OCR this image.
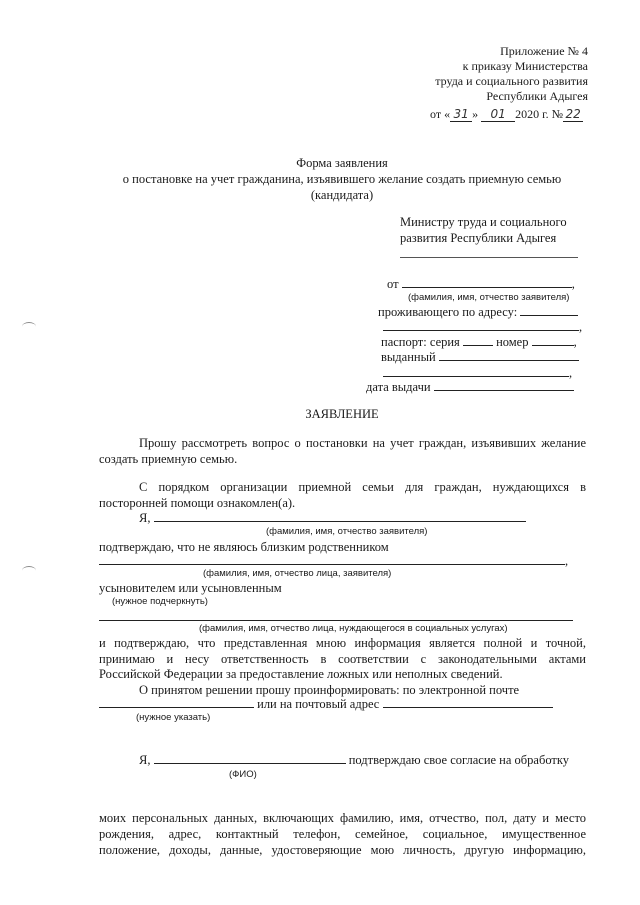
Приложение № 4
к приказу Министерства
труда и социального развития
Республики Адыгея
от « 31 » 01 2020 г. № 22
Форма заявления
о постановке на учет гражданина, изъявившего желание создать приемную семью
(кандидата)
Министру труда и социального
развития Республики Адыгея
от	,
(фамилия, имя, отчество заявителя)
проживающего по адресу:
,
паспорт: серия	номер	,
выданный
,
дата выдачи
ЗАЯВЛЕНИЕ
Прошу рассмотреть вопрос о постановки на учет граждан, изъявивших желание
создать приемную семью.
С порядком организации приемной семьи для граждан, нуждающихся в
посторонней помощи ознакомлен(а).
Я,
(фамилия, имя, отчество заявителя)
подтверждаю, что не являюсь близким родственником
,
(фамилия, имя, отчество лица, заявителя)
усыновителем или усыновленным
(нужное подчеркнуть)
(фамилия, имя, отчество лица, нуждающегося в социальных услугах)
и подтверждаю, что представленная мною информация является полной и точной,
принимаю и несу ответственность в соответствии с законодательными актами
Российской Федерации за предоставление ложных или неполных сведений.
О принятом решении прошу проинформировать: по электронной почте
или на почтовый адрес
(нужное указать)
Я,	подтверждаю свое согласие на обработку
(ФИО)
моих персональных данных, включающих фамилию, имя, отчество, пол, дату и место
рождения, адрес, контактный телефон, семейное, социальное, имущественное
положение, доходы, данные, удостоверяющие мою личность, другую информацию,
